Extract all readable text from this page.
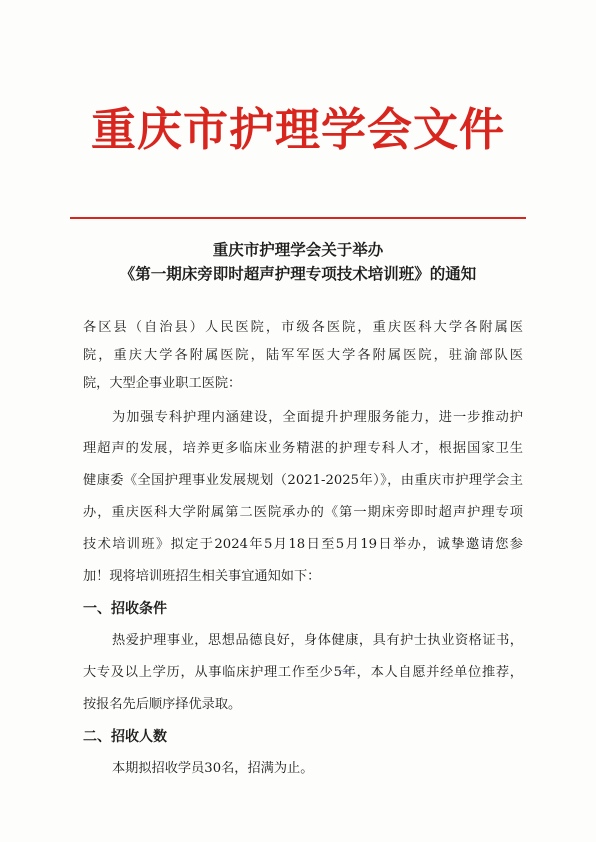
重庆市护理学会文件
重庆市护理学会关于举办
《第一期床旁即时超声护理专项技术培训班》的通知
各区县（自治县）人民医院，市级各医院，重庆医科大学各附属医
院，重庆大学各附属医院，陆军军医大学各附属医院，驻渝部队医
院，大型企事业职工医院：
为加强专科护理内涵建设，全面提升护理服务能力，进一步推动护
理超声的发展，培养更多临床业务精湛的护理专科人才，根据国家卫生
健康委《全国护理事业发展规划（2021-2025年）》，由重庆市护理学会主
办，重庆医科大学附属第二医院承办的《第一期床旁即时超声护理专项
技术培训班》拟定于2024年5月18日至5月19日举办，诚挚邀请您参
加！现将培训班招生相关事宜通知如下：
一、招收条件
热爱护理事业，思想品德良好，身体健康，具有护士执业资格证书，
大专及以上学历，从事临床护理工作至少5年，本人自愿并经单位推荐，
按报名先后顺序择优录取。
二、招收人数
本期拟招收学员30名，招满为止。
